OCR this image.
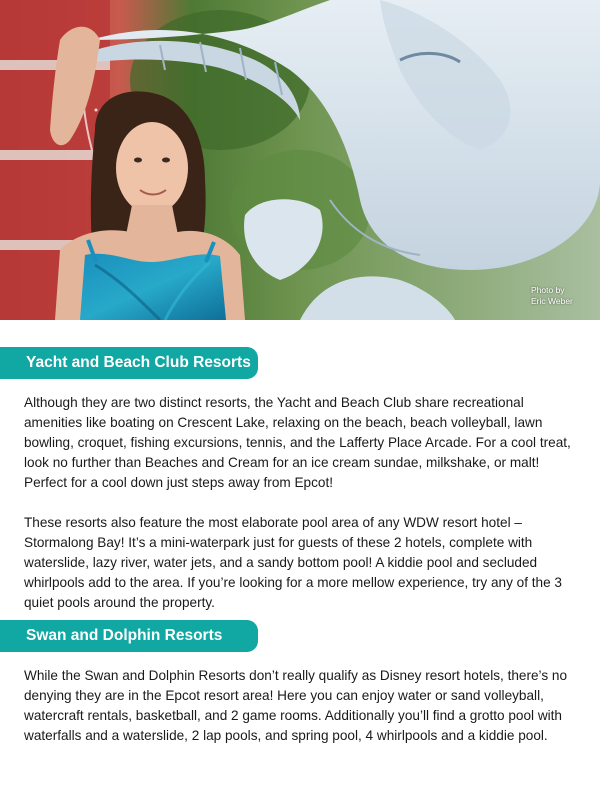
Photo by
Eric Weber
Yacht and Beach Club Resorts

Although they are two distinct resorts, the Yacht and Beach Club share recreational amenities like boating on Crescent Lake, relaxing on the beach, beach volleyball, lawn bowling, croquet, fishing excursions, tennis, and the Lafferty Place Arcade. For a cool treat, look no further than Beaches and Cream for an ice cream sundae, milkshake, or malt! Perfect for a cool down just steps away from Epcot!

These resorts also feature the most elaborate pool area of any WDW resort hotel – Stormalong Bay! It’s a mini-waterpark just for guests of these 2 hotels, complete with waterslide, lazy river, water jets, and a sandy bottom pool! A kiddie pool and secluded whirlpools add to the area. If you’re looking for a more mellow experience, try any of the 3 quiet pools around the property.

Swan and Dolphin Resorts

While the Swan and Dolphin Resorts don’t really qualify as Disney resort hotels, there’s no denying they are in the Epcot resort area! Here you can enjoy water or sand volleyball, watercraft rentals, basketball, and 2 game rooms. Additionally you’ll find a grotto pool with waterfalls and a waterslide, 2 lap pools, and spring pool, 4 whirlpools and a kiddie pool.
